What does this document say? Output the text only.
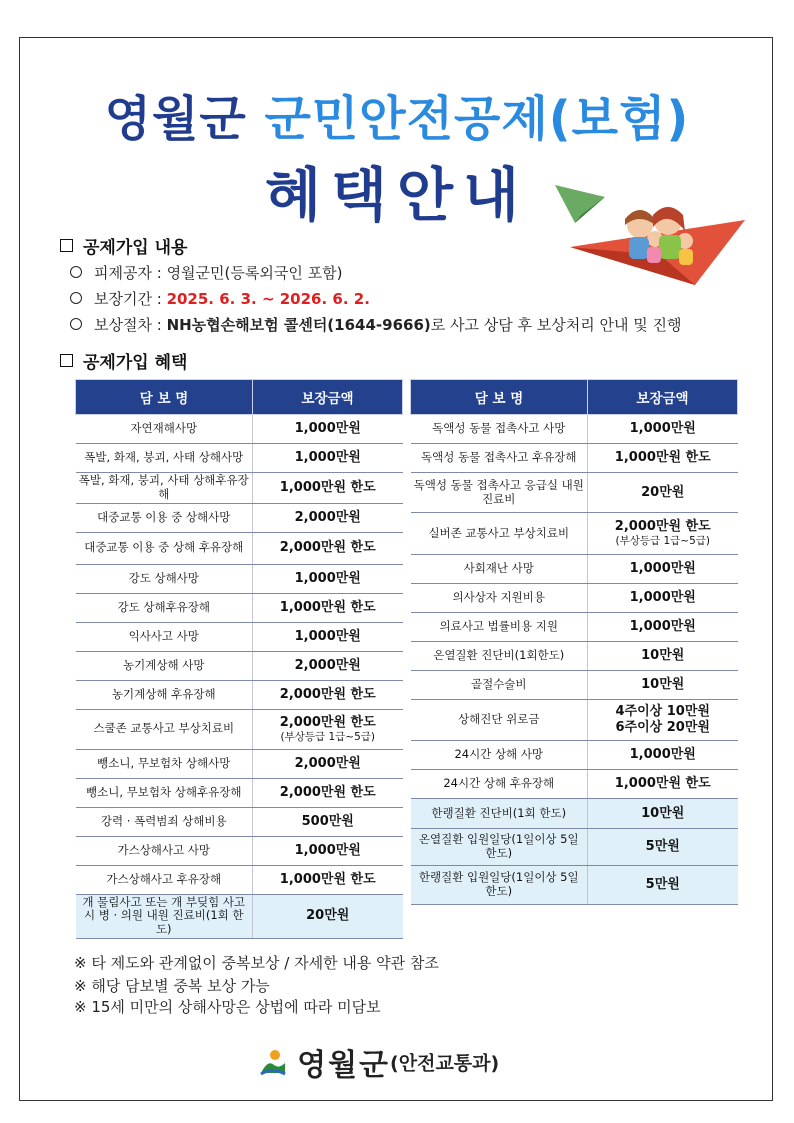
영월군 군민안전공제(보험)
혜택안내
공제가입 내용
피제공자 : 영월군민(등록외국인 포함)
보장기간 : 2025. 6. 3. ~ 2026. 6. 2.
보상절차 : NH농협손해보험 콜센터(1644-9666)로 사고 상담 후 보상처리 안내 및 진행
공제가입 혜택
담 보 명	보장금액
자연재해사망	1,000만원
폭발, 화재, 붕괴, 사태 상해사망	1,000만원
폭발, 화재, 붕괴, 사태 상해후유장해	1,000만원 한도
대중교통 이용 중 상해사망	2,000만원
대중교통 이용 중 상해 후유장해	2,000만원 한도
강도 상해사망	1,000만원
강도 상해후유장해	1,000만원 한도
익사사고 사망	1,000만원
농기계상해 사망	2,000만원
농기계상해 후유장해	2,000만원 한도
스쿨존 교통사고 부상치료비	2,000만원 한도
(부상등급 1급~5급)

뺑소니, 무보험차 상해사망	2,000만원
뺑소니, 무보험차 상해후유장해	2,000만원 한도
강력 · 폭력범죄 상해비용	500만원
가스상해사고 사망	1,000만원
가스상해사고 후유장해	1,000만원 한도
개 물림사고 또는 개 부딪힘 사고 시 병 · 의원 내원 진료비(1회 한도)	20만원
담 보 명	보장금액
독액성 동물 접촉사고 사망	1,000만원
독액성 동물 접촉사고 후유장해	1,000만원 한도
독액성 동물 접촉사고 응급실 내원 진료비	20만원
실버존 교통사고 부상치료비	2,000만원 한도
(부상등급 1급~5급)

사회재난 사망	1,000만원
의사상자 지원비용	1,000만원
의료사고 법률비용 지원	1,000만원
온열질환 진단비(1회한도)	10만원
골절수술비	10만원
상해진단 위로금	4주이상 10만원
6주이상 20만원

24시간 상해 사망	1,000만원
24시간 상해 후유장해	1,000만원 한도
한랭질환 진단비(1회 한도)	10만원
온열질환 입원일당(1일이상 5일한도)	5만원
한랭질환 입원일당(1일이상 5일한도)	5만원
※ 타 제도와 관계없이 중복보상 / 자세한 내용 약관 참조
※ 해당 담보별 중복 보상 가능
※ 15세 미만의 상해사망은 상법에 따라 미담보
영월군(안전교통과)
